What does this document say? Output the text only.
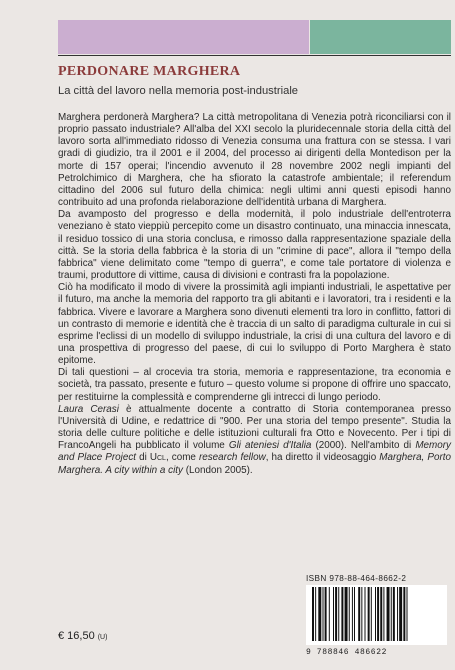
PERDONARE MARGHERA

La città del lavoro nella memoria post-industriale

Marghera perdonerà Marghera? La città metropolitana di Venezia potrà riconciliarsi con il proprio passato industriale? All'alba del XXI secolo la pluridecennale storia della città del lavoro sorta all'immediato ridosso di Venezia consuma una frattura con se stessa. I vari gradi di giudizio, tra il 2001 e il 2004, del processo ai dirigenti della Montedison per la morte di 157 operai; l'incendio avvenuto il 28 novembre 2002 negli impianti del Petrolchimico di Marghera, che ha sfiorato la catastrofe ambientale; il referendum cittadino del 2006 sul futuro della chimica: negli ultimi anni questi episodi hanno contribuito ad una profonda rielaborazione dell'identità urbana di Marghera.

Da avamposto del progresso e della modernità, il polo industriale dell'entroterra veneziano è stato vieppiù percepito come un disastro continuato, una minaccia innescata, il residuo tossico di una storia conclusa, e rimosso dalla rappresentazione spaziale della città. Se la storia della fabbrica è la storia di un "crimine di pace", allora il "tempo della fabbrica" viene delimitato come "tempo di guerra", e come tale portatore di violenza e traumi, produttore di vittime, causa di divisioni e contrasti fra la popolazione.

Ciò ha modificato il modo di vivere la prossimità agli impianti industriali, le aspettative per il futuro, ma anche la memoria del rapporto tra gli abitanti e i lavoratori, tra i residenti e la fabbrica. Vivere e lavorare a Marghera sono divenuti elementi tra loro in conflitto, fattori di un contrasto di memorie e identità che è traccia di un salto di paradigma culturale in cui si esprime l'eclissi di un modello di sviluppo industriale, la crisi di una cultura del lavoro e di una prospettiva di progresso del paese, di cui lo sviluppo di Porto Marghera è stato epitome.

Di tali questioni – al crocevia tra storia, memoria e rappresentazione, tra economia e società, tra passato, presente e futuro – questo volume si propone di offrire uno spaccato, per restituirne la complessità e comprenderne gli intrecci di lungo periodo.

Laura Cerasi è attualmente docente a contratto di Storia contemporanea presso l'Università di Udine, e redattrice di "900. Per una storia del tempo presente". Studia la storia delle culture politiche e delle istituzioni culturali fra Otto e Novecento. Per i tipi di FrancoAngeli ha pubblicato il volume Gli ateniesi d'Italia (2000). Nell'ambito di Memory and Place Project di Ucl, come research fellow, ha diretto il videosaggio Marghera, Porto Marghera. A city within a city (London 2005).

ISBN 978-88-464-8662-2
9 788846 486622
€ 16,50 (U)
